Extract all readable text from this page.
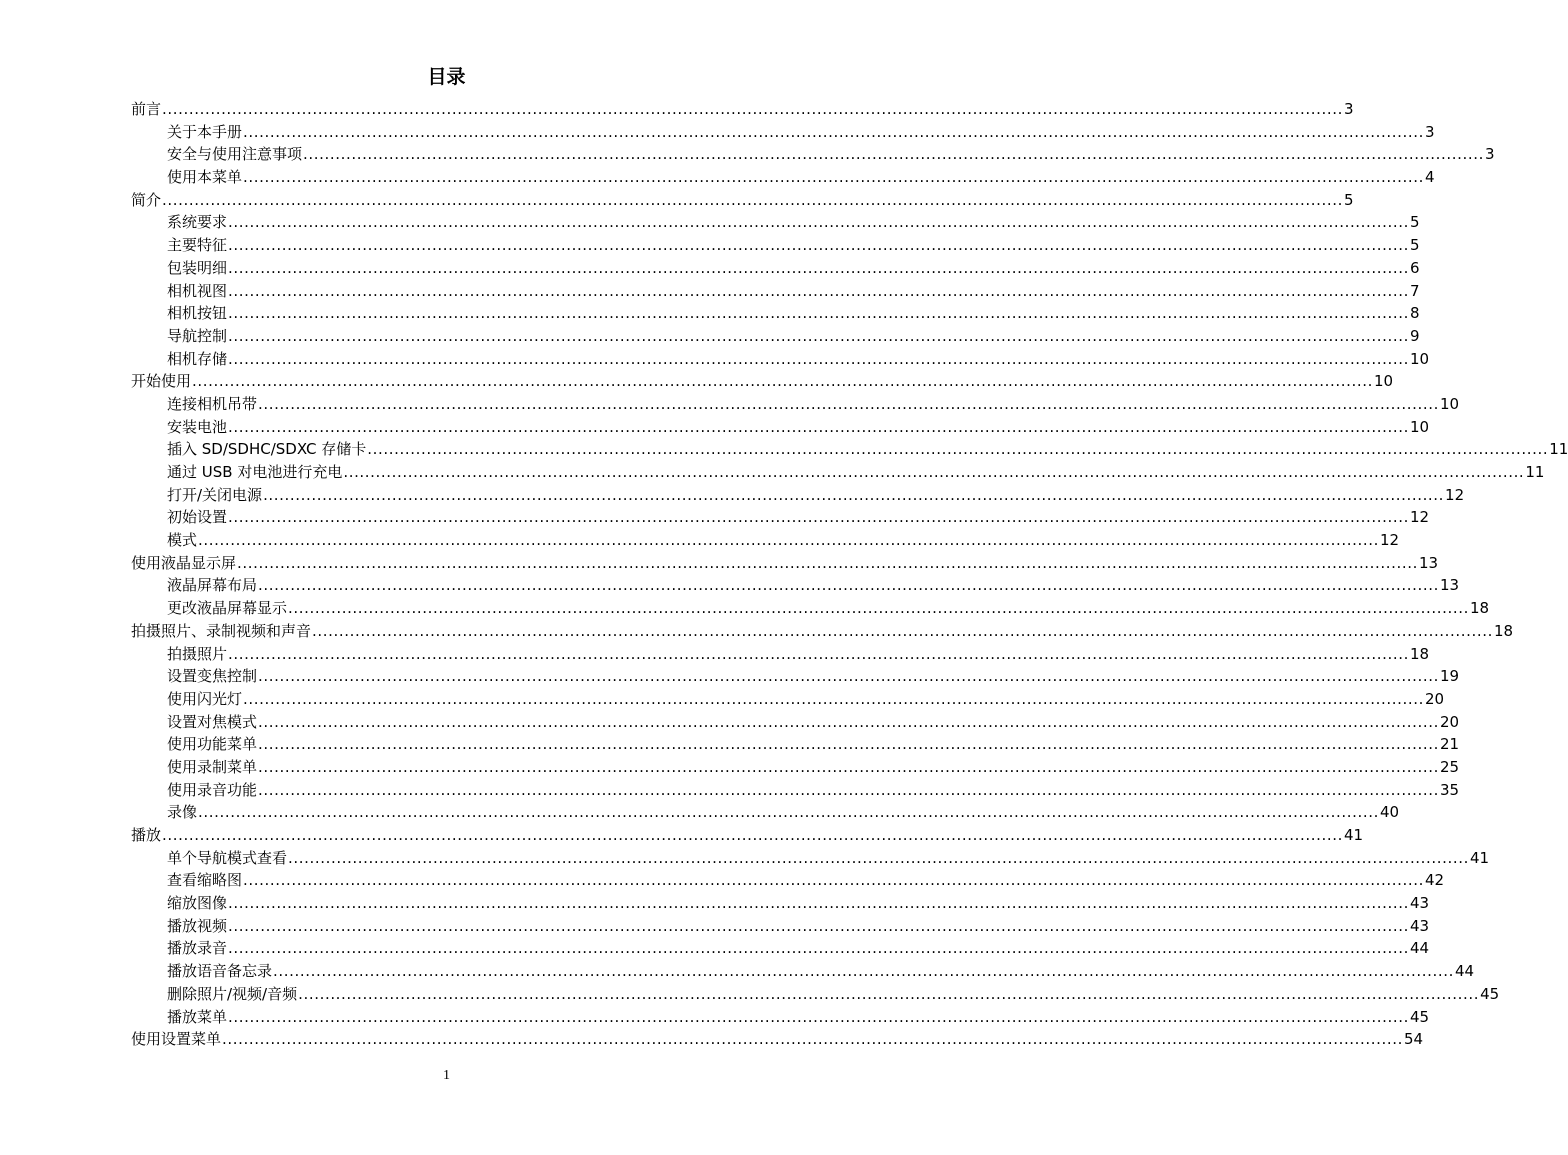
目录
前言 ............................................................................................................................................................................................................................ 3
关于本手册 ............................................................................................................................................................................................................................ 3
安全与使用注意事项 ............................................................................................................................................................................................................................ 3
使用本菜单 ............................................................................................................................................................................................................................ 4
简介 ............................................................................................................................................................................................................................ 5
系统要求 ............................................................................................................................................................................................................................ 5
主要特征 ............................................................................................................................................................................................................................ 5
包装明细 ............................................................................................................................................................................................................................ 6
相机视图 ............................................................................................................................................................................................................................ 7
相机按钮 ............................................................................................................................................................................................................................ 8
导航控制 ............................................................................................................................................................................................................................ 9
相机存储 ............................................................................................................................................................................................................................ 10
开始使用 ............................................................................................................................................................................................................................ 10
连接相机吊带 ............................................................................................................................................................................................................................ 10
安装电池 ............................................................................................................................................................................................................................ 10
插入 SD/SDHC/SDXC 存储卡 ............................................................................................................................................................................................................................ 11
通过 USB 对电池进行充电 ............................................................................................................................................................................................................................ 11
打开/关闭电源 ............................................................................................................................................................................................................................ 12
初始设置 ............................................................................................................................................................................................................................ 12
模式 ............................................................................................................................................................................................................................ 12
使用液晶显示屏 ............................................................................................................................................................................................................................ 13
液晶屏幕布局 ............................................................................................................................................................................................................................ 13
更改液晶屏幕显示 ............................................................................................................................................................................................................................ 18
拍摄照片、录制视频和声音 ............................................................................................................................................................................................................................ 18
拍摄照片 ............................................................................................................................................................................................................................ 18
设置变焦控制 ............................................................................................................................................................................................................................ 19
使用闪光灯 ............................................................................................................................................................................................................................ 20
设置对焦模式 ............................................................................................................................................................................................................................ 20
使用功能菜单 ............................................................................................................................................................................................................................ 21
使用录制菜单 ............................................................................................................................................................................................................................ 25
使用录音功能 ............................................................................................................................................................................................................................ 35
录像 ............................................................................................................................................................................................................................ 40
播放 ............................................................................................................................................................................................................................ 41
单个导航模式查看 ............................................................................................................................................................................................................................ 41
查看缩略图 ............................................................................................................................................................................................................................ 42
缩放图像 ............................................................................................................................................................................................................................ 43
播放视频 ............................................................................................................................................................................................................................ 43
播放录音 ............................................................................................................................................................................................................................ 44
播放语音备忘录 ............................................................................................................................................................................................................................ 44
删除照片/视频/音频 ............................................................................................................................................................................................................................ 45
播放菜单 ............................................................................................................................................................................................................................ 45
使用设置菜单 ............................................................................................................................................................................................................................ 54
1
